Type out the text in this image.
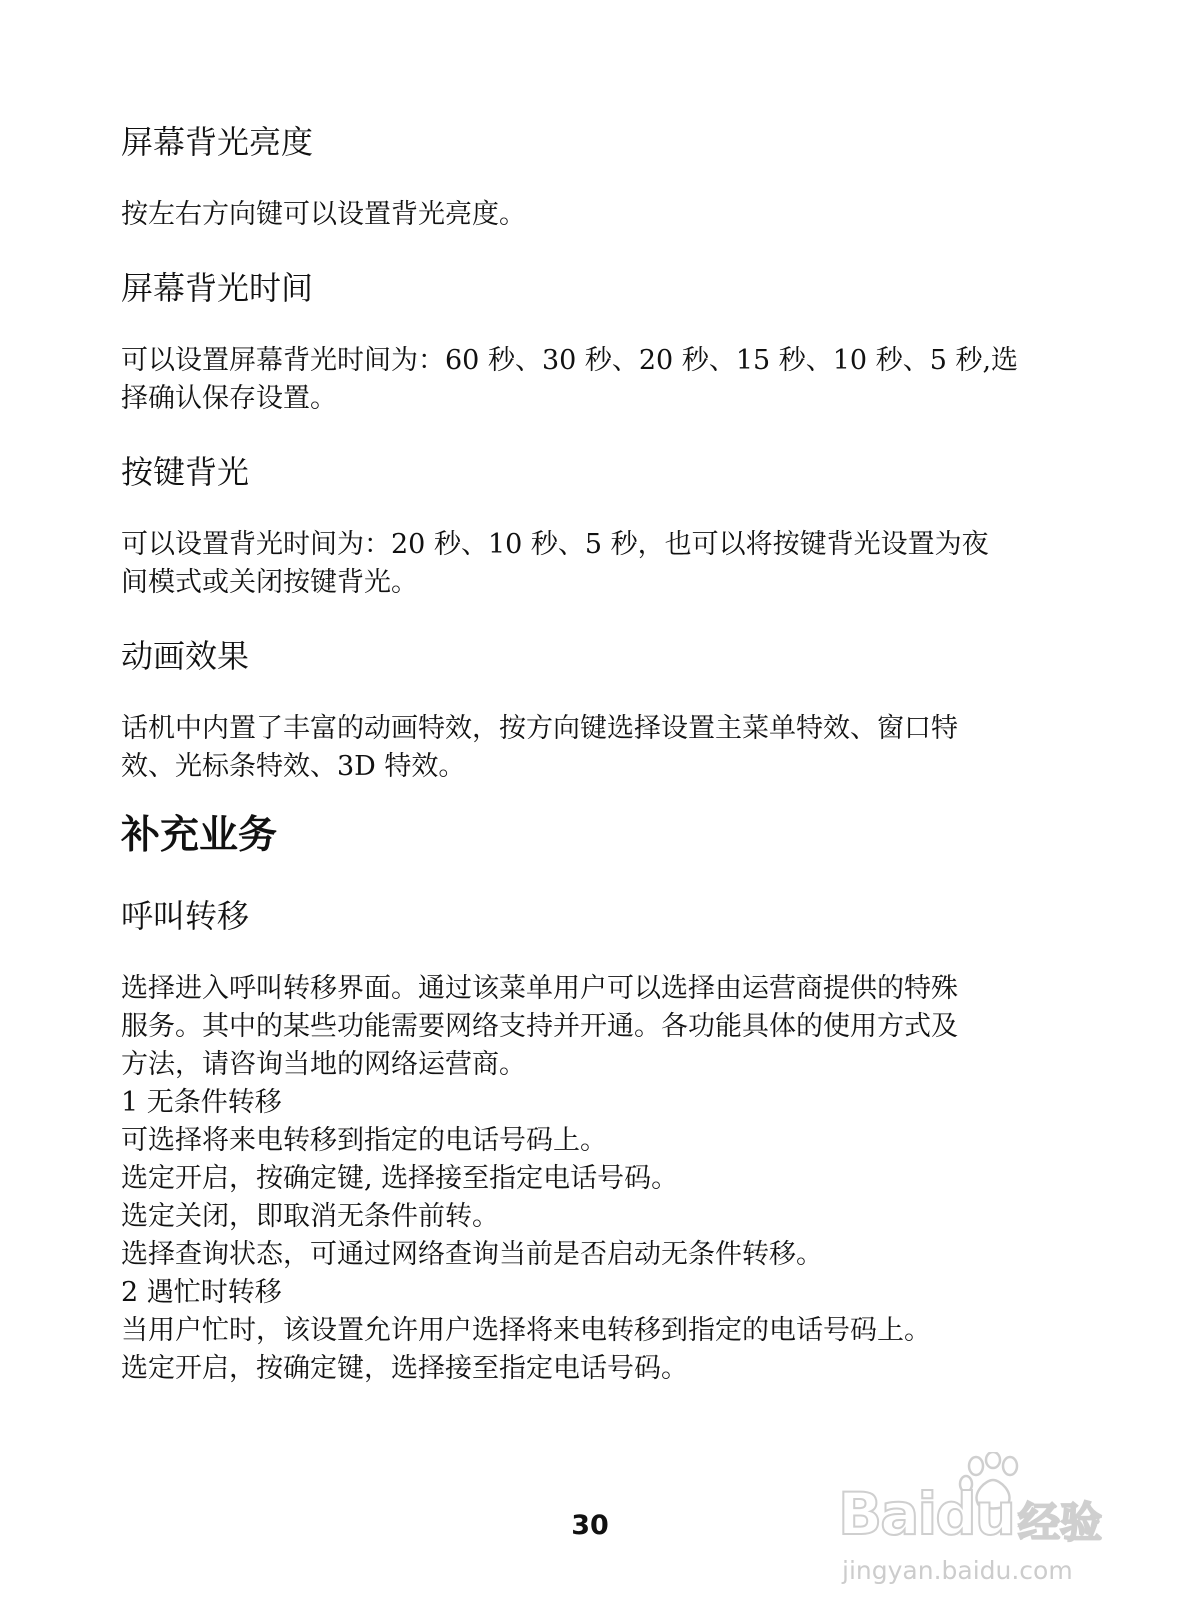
屏幕背光亮度

按左右方向键可以设置背光亮度。

屏幕背光时间

可以设置屏幕背光时间为：60 秒、30 秒、20 秒、15 秒、10 秒、5 秒,选

择确认保存设置。

按键背光

可以设置背光时间为：20 秒、10 秒、5 秒，也可以将按键背光设置为夜

间模式或关闭按键背光。

动画效果

话机中内置了丰富的动画特效，按方向键选择设置主菜单特效、窗口特

效、光标条特效、3D 特效。

补充业务
呼叫转移

选择进入呼叫转移界面。通过该菜单用户可以选择由运营商提供的特殊

服务。其中的某些功能需要网络支持并开通。各功能具体的使用方式及

方法，请咨询当地的网络运营商。

1 无条件转移

可选择将来电转移到指定的电话号码上。

选定开启，按确定键, 选择接至指定电话号码。

选定关闭，即取消无条件前转。

选择查询状态，可通过网络查询当前是否启动无条件转移。

2 遇忙时转移

当用户忙时，该设置允许用户选择将来电转移到指定的电话号码上。

选定开启，按确定键，选择接至指定电话号码。

30	Baidu 经验
jingyan.baidu.com
